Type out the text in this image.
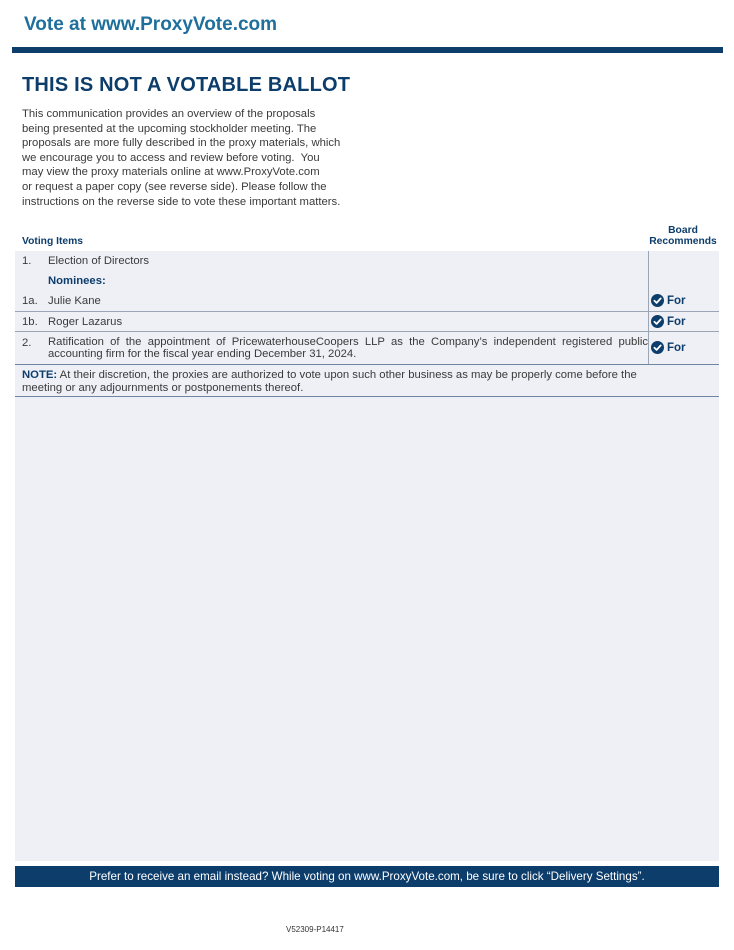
Vote at www.ProxyVote.com
THIS IS NOT A VOTABLE BALLOT
This communication provides an overview of the proposals
being presented at the upcoming stockholder meeting. The
proposals are more fully described in the proxy materials, which
we encourage you to access and review before voting.  You
may view the proxy materials online at www.ProxyVote.com
or request a paper copy (see reverse side). Please follow the
instructions on the reverse side to vote these important matters.
Voting Items
Board
Recommends
1. Election of Directors
Nominees:
1a. Julie Kane	For
1b. Roger Lazarus	For
2. Ratification of the appointment of PricewaterhouseCoopers LLP as the Company’s independent registered public accounting firm for the fiscal year ending December 31, 2024.	For
NOTE: At their discretion, the proxies are authorized to vote upon such other business as may be properly come before the meeting or any adjournments or postponements thereof.
Prefer to receive an email instead? While voting on www.ProxyVote.com, be sure to click “Delivery Settings”.
V52309-P14417
